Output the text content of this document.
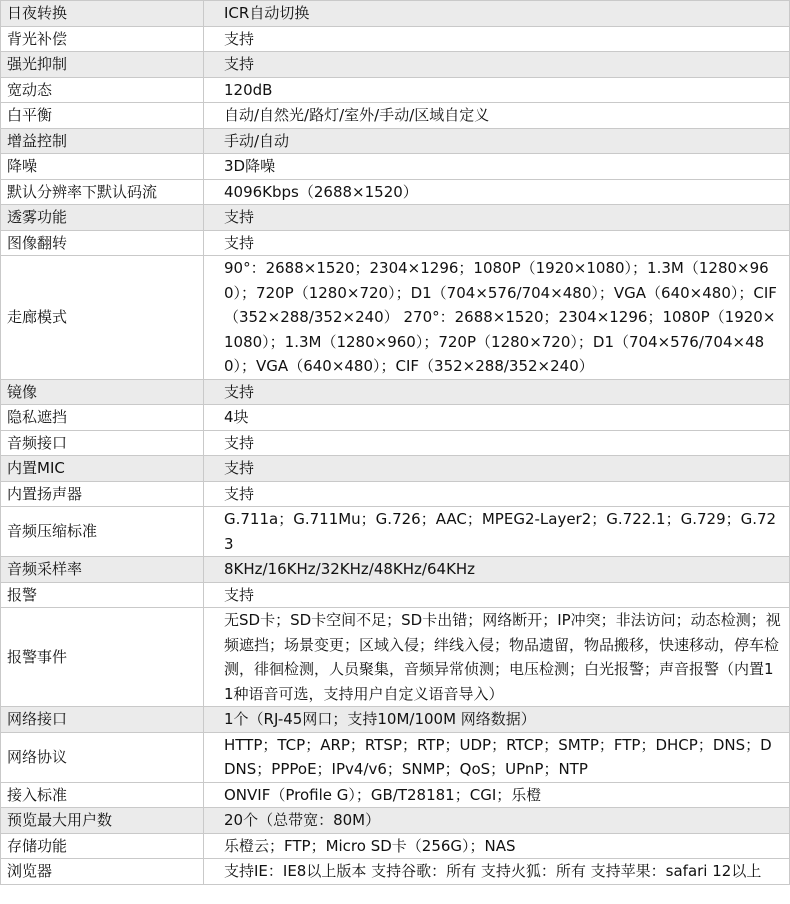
日夜转换	ICR自动切换
背光补偿	支持
强光抑制	支持
宽动态	120dB
白平衡	自动/自然光/路灯/室外/手动/区域自定义
增益控制	手动/自动
降噪	3D降噪
默认分辨率下默认码流	4096Kbps（2688×1520）
透雾功能	支持
图像翻转	支持
走廊模式	90°：2688×1520；2304×1296；1080P（1920×1080）；1.3M（1280×960）；720P（1280×720）；D1（704×576/704×480）；VGA（640×480）；CIF（352×288/352×240） 270°：2688×1520；2304×1296；1080P（1920×1080）；1.3M（1280×960）；720P（1280×720）；D1（704×576/704×480）；VGA（640×480）；CIF（352×288/352×240）
镜像	支持
隐私遮挡	4块
音频接口	支持
内置MIC	支持
内置扬声器	支持
音频压缩标准	G.711a；G.711Mu；G.726；AAC；MPEG2-Layer2；G.722.1；G.729；G.723
音频采样率	8KHz/16KHz/32KHz/48KHz/64KHz
报警	支持
报警事件	无SD卡；SD卡空间不足；SD卡出错；网络断开；IP冲突；非法访问；动态检测；视频遮挡；场景变更；区域入侵；绊线入侵；物品遗留，物品搬移，快速移动，停车检测，徘徊检测，人员聚集，音频异常侦测；电压检测；白光报警；声音报警（内置11种语音可选，支持用户自定义语音导入）
网络接口	1个（RJ-45网口；支持10M/100M 网络数据）
网络协议	HTTP；TCP；ARP；RTSP；RTP；UDP；RTCP；SMTP；FTP；DHCP；DNS；DDNS；PPPoE；IPv4/v6；SNMP；QoS；UPnP；NTP
接入标准	ONVIF（Profile G）；GB/T28181；CGI；乐橙
预览最大用户数	20个（总带宽：80M）
存储功能	乐橙云；FTP；Micro SD卡（256G）；NAS
浏览器	支持IE：IE8以上版本 支持谷歌：所有 支持火狐：所有 支持苹果：safari 12以上
